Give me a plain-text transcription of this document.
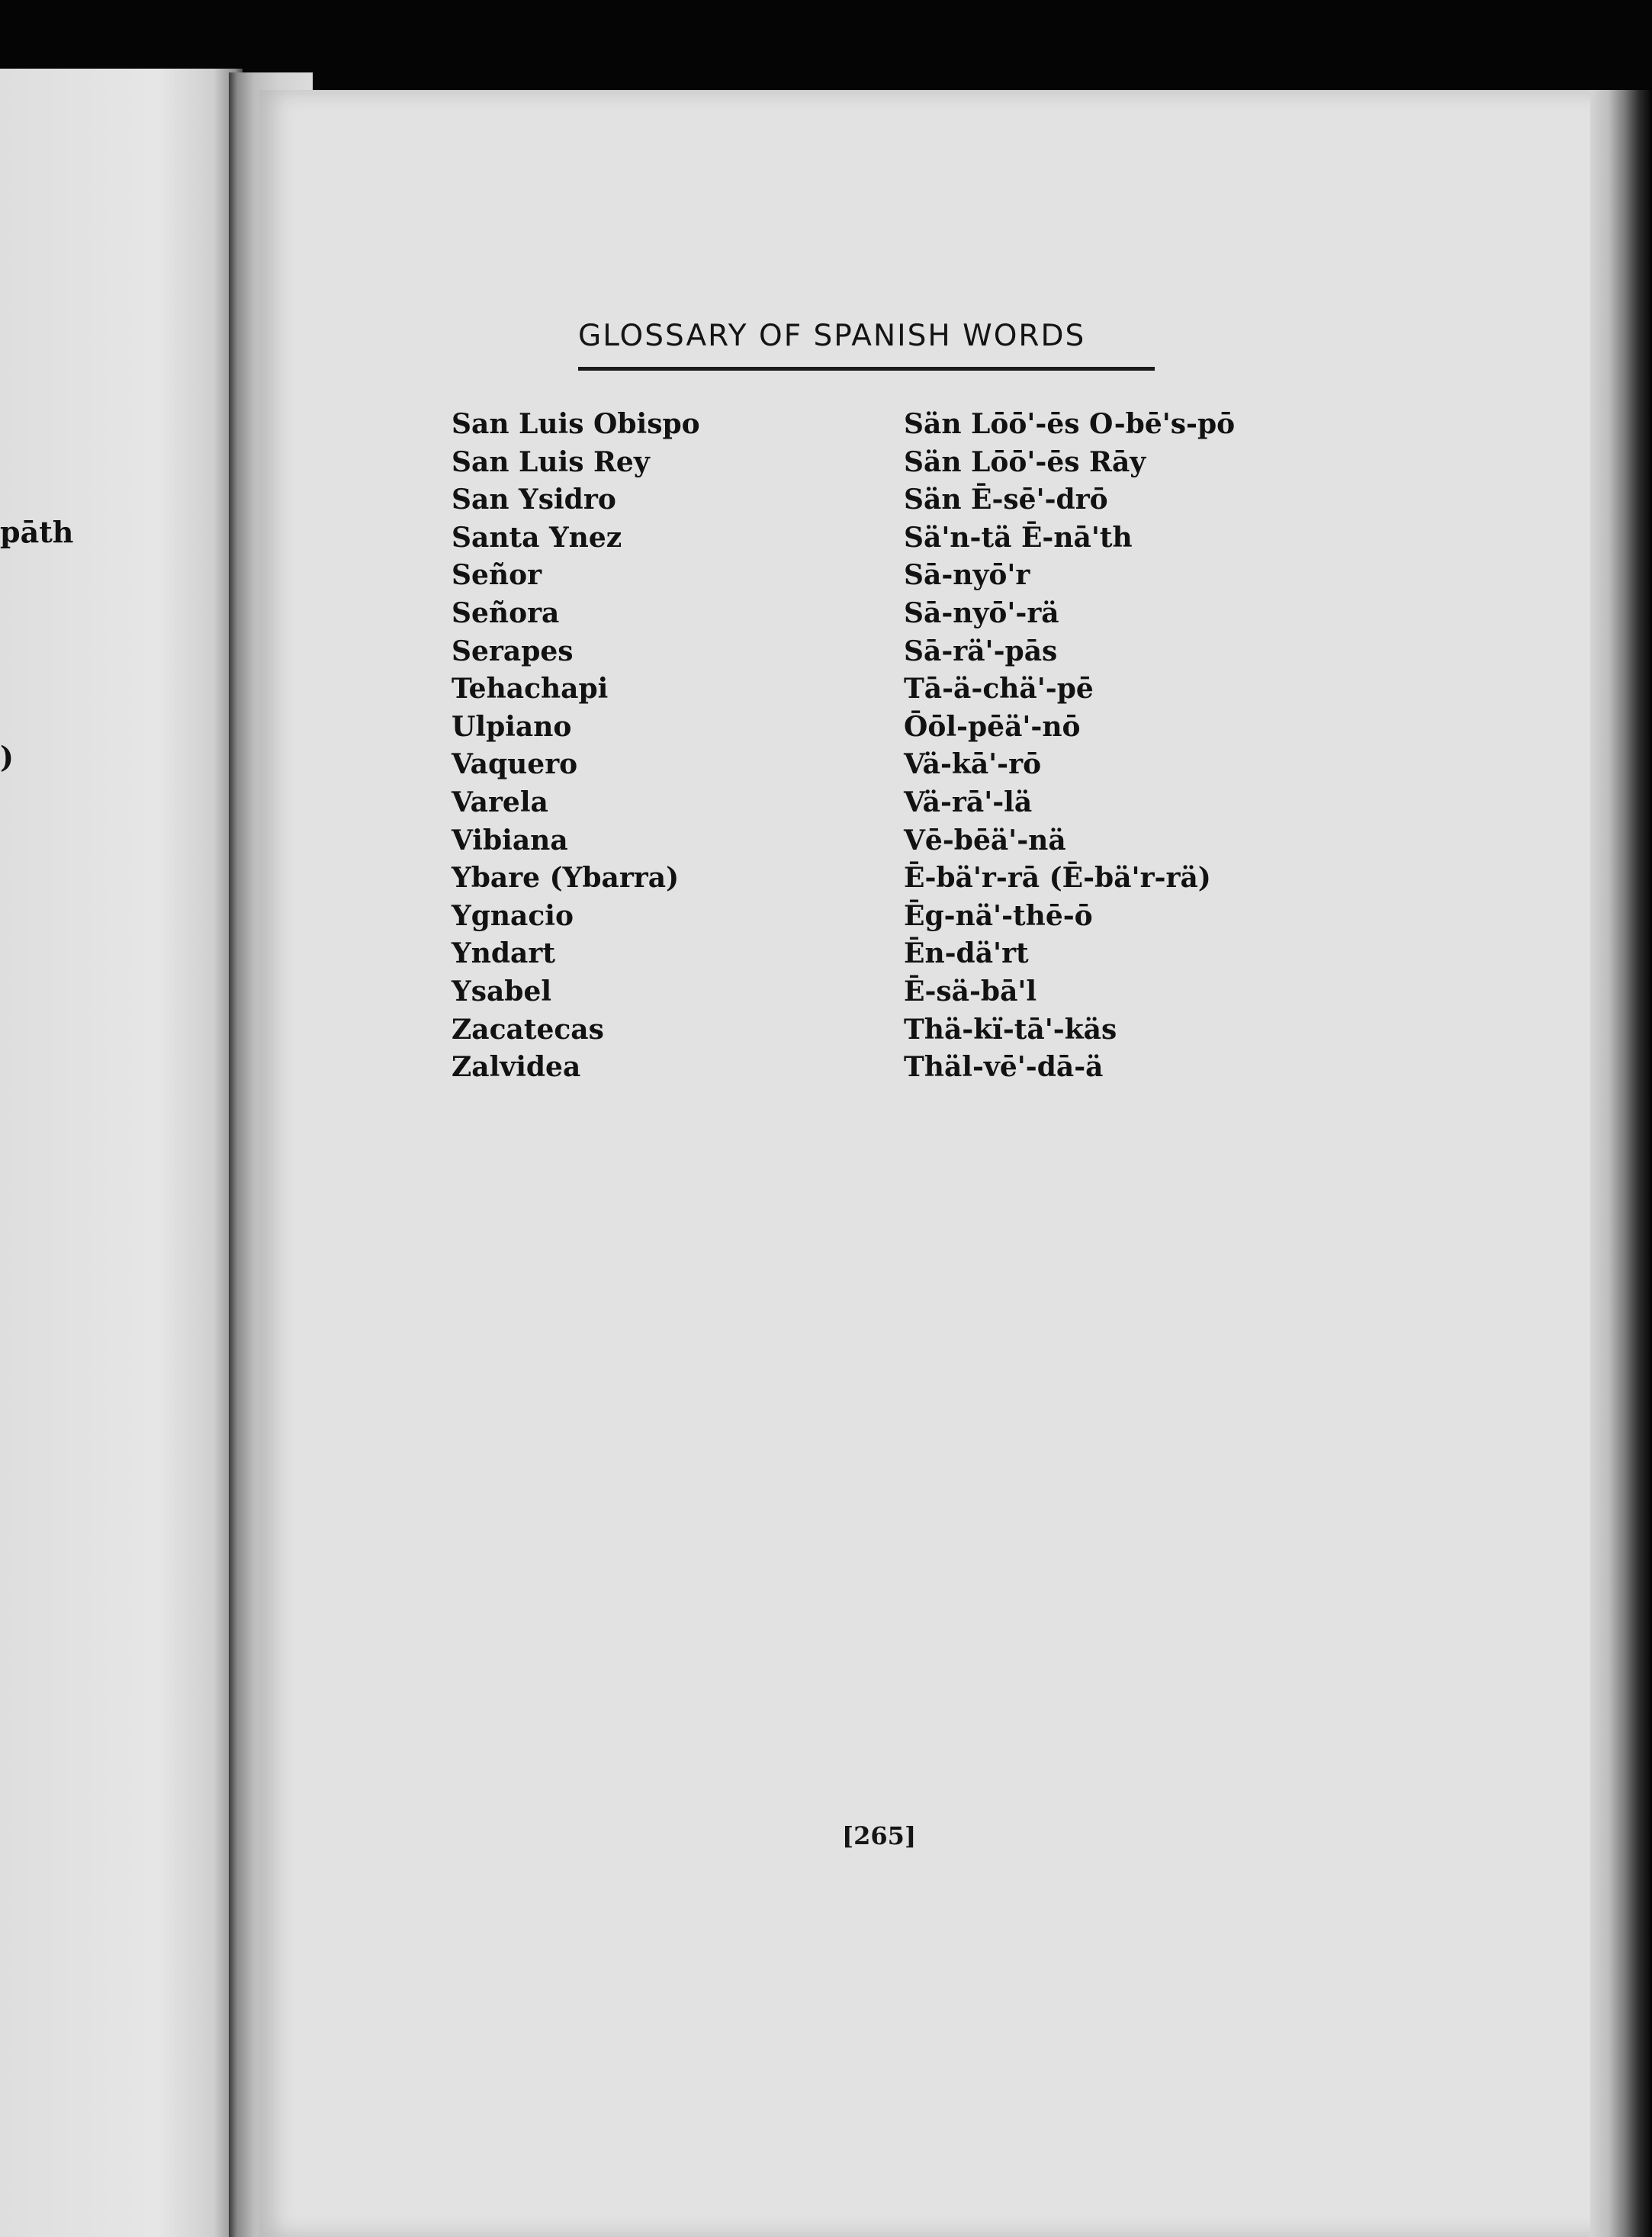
pāth
)
GLOSSARY OF SPANISH WORDS
San Luis Obispo	Sän Lōō'-ēs O-bē's-pō
San Luis Rey	Sän Lōō'-ēs Rāy
San Ysidro	Sän Ē-sē'-drō
Santa Ynez	Sä'n-tä Ē-nā'th
Señor	Sā-nyō'r
Señora	Sā-nyō'-rä
Serapes	Sā-rä'-pās
Tehachapi	Tā-ä-chä'-pē
Ulpiano	Ōōl-pēä'-nō
Vaquero	Vä-kā'-rō
Varela	Vä-rā'-lä
Vibiana	Vē-bēä'-nä
Ybare (Ybarra)	Ē-bä'r-rā (Ē-bä'r-rä)
Ygnacio	Ēg-nä'-thē-ō
Yndart	Ēn-dä'rt
Ysabel	Ē-sä-bā'l
Zacatecas	Thä-kï-tā'-käs
Zalvidea	Thäl-vē'-dā-ä
[265]
